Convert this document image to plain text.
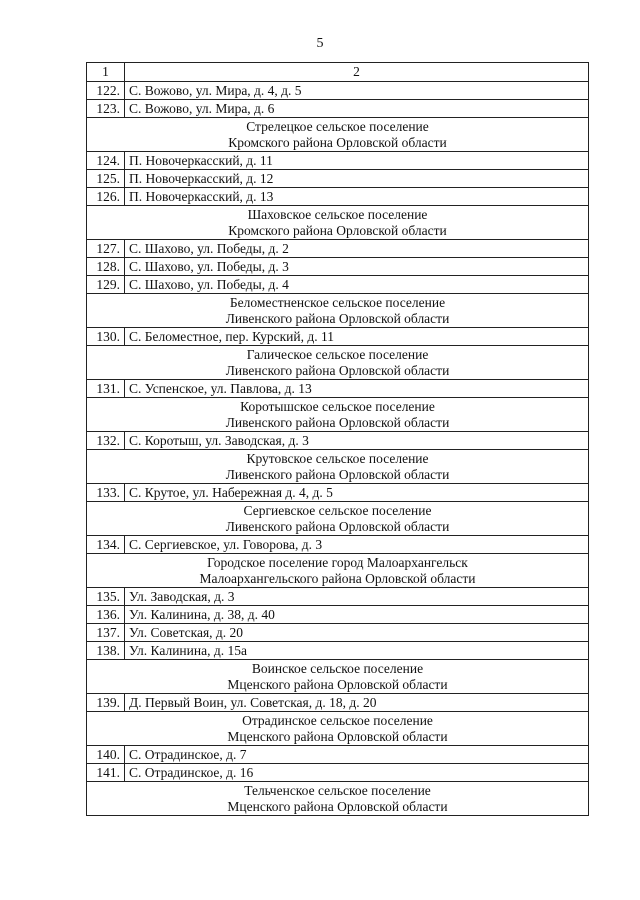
5
1	2
122.	С. Вожово, ул. Мира, д. 4, д. 5
123.	С. Вожово, ул. Мира, д. 6

Стрелецкое сельское поселение
Кромского района Орловской области	

124.	П. Новочеркасский, д. 11
125.	П. Новочеркасский, д. 12
126.	П. Новочеркасский, д. 13

Шаховское сельское поселение
Кромского района Орловской области	

127.	С. Шахово, ул. Победы, д. 2
128.	С. Шахово, ул. Победы, д. 3
129.	С. Шахово, ул. Победы, д. 4

Беломестненское сельское поселение
Ливенского района Орловской области	

130.	С. Беломестное, пер. Курский, д. 11

Галическое сельское поселение
Ливенского района Орловской области	

131.	С. Успенское, ул. Павлова, д. 13

Коротышское сельское поселение
Ливенского района Орловской области	

132.	С. Коротыш, ул. Заводская, д. 3

Крутовское сельское поселение
Ливенского района Орловской области	

133.	С. Крутое, ул. Набережная д. 4, д. 5

Сергиевское сельское поселение
Ливенского района Орловской области	

134.	С. Сергиевское, ул. Говорова, д. 3

Городское поселение город Малоархангельск
Малоархангельского района Орловской области	

135.	Ул. Заводская, д. 3
136.	Ул. Калинина, д. 38, д. 40
137.	Ул. Советская, д. 20
138.	Ул. Калинина, д. 15а

Воинское сельское поселение
Мценского района Орловской области	

139.	Д. Первый Воин, ул. Советская, д. 18, д. 20

Отрадинское сельское поселение
Мценского района Орловской области	

140.	С. Отрадинское, д. 7
141.	С. Отрадинское, д. 16

Тельченское сельское поселение
Мценского района Орловской области	
